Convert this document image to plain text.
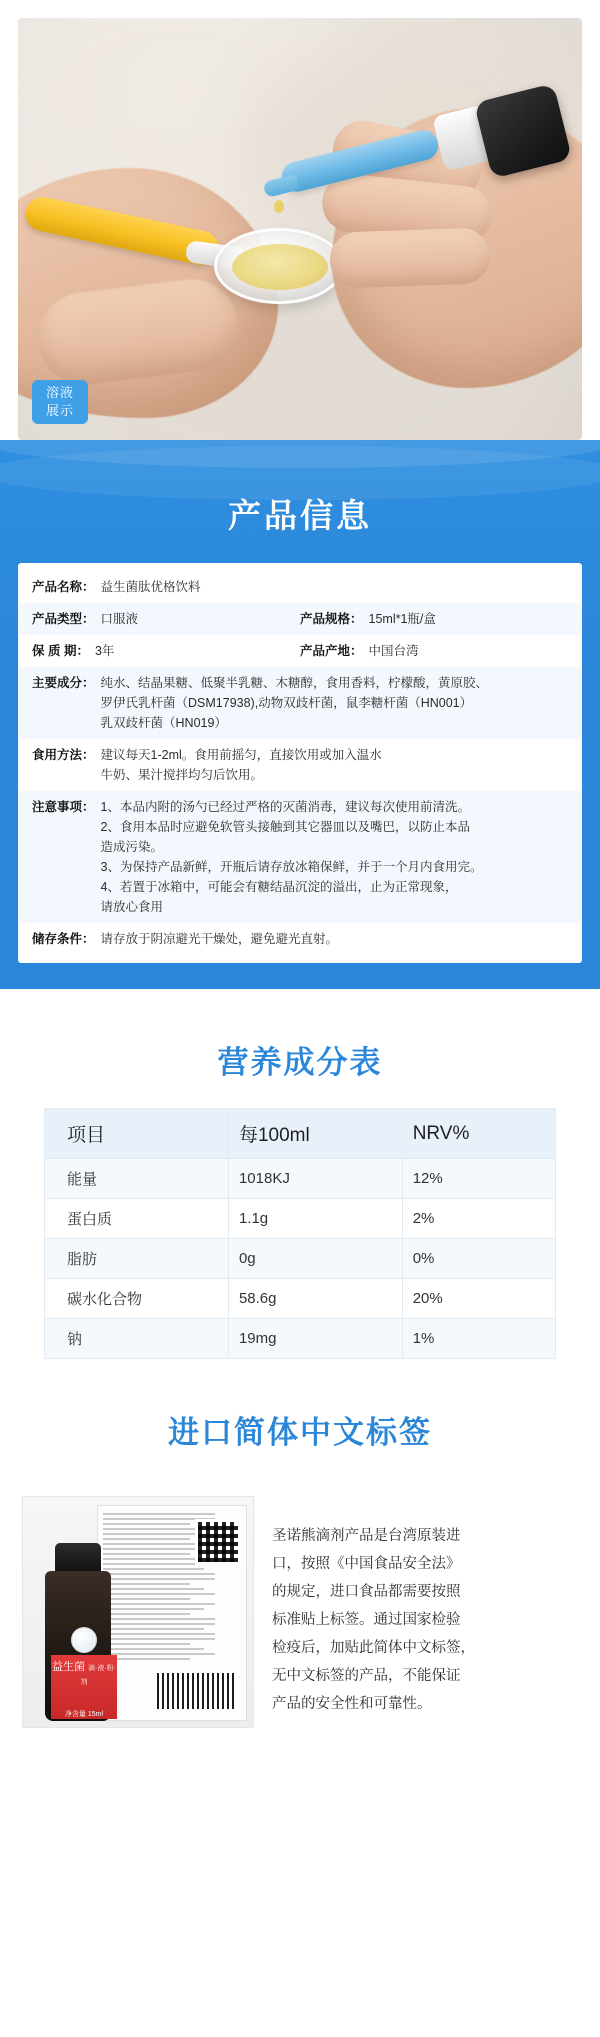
溶液
展示
产品信息
产品名称： 益生菌肽优格饮料
产品类型： 口服液	产品规格： 15ml*1瓶/盒
保 质 期： 3年	产品产地： 中国台湾
主要成分： 纯水、结晶果糖、低聚半乳糖、木糖醇，食用香料，柠檬酸，黄原胶、
罗伊氏乳杆菌（DSM17938),动物双歧杆菌，鼠李糖杆菌（HN001）
乳双歧杆菌（HN019）
食用方法： 建议每天1-2ml。食用前摇匀，直接饮用或加入温水
牛奶、果汁搅拌均匀后饮用。
注意事项： 1、本品内附的汤勺已经过严格的灭菌消毒，建议每次使用前清洗。
2、食用本品时应避免软管头接触到其它器皿以及嘴巴，以防止本品
造成污染。
3、为保持产品新鲜，开瓶后请存放冰箱保鲜，并于一个月内食用完。
4、若置于冰箱中，可能会有糖结晶沉淀的溢出，止为正常现象，
请放心食用
储存条件： 请存放于阴凉避光干燥处，避免避光直射。
营养成分表
项目	每100ml	NRV%
能量	1018KJ	12%
蛋白质	1.1g	2%
脂肪	0g	0%
碳水化合物	58.6g	20%
钠	19mg	1%
进口简体中文标签
益生菌 滴·液·粉·剂
净含量 15ml
圣诺熊滴剂产品是台湾原装进
口，按照《中国食品安全法》
的规定，进口食品都需要按照
标准贴上标签。通过国家检验
检疫后，加贴此简体中文标签，
无中文标签的产品，不能保证
产品的安全性和可靠性。
